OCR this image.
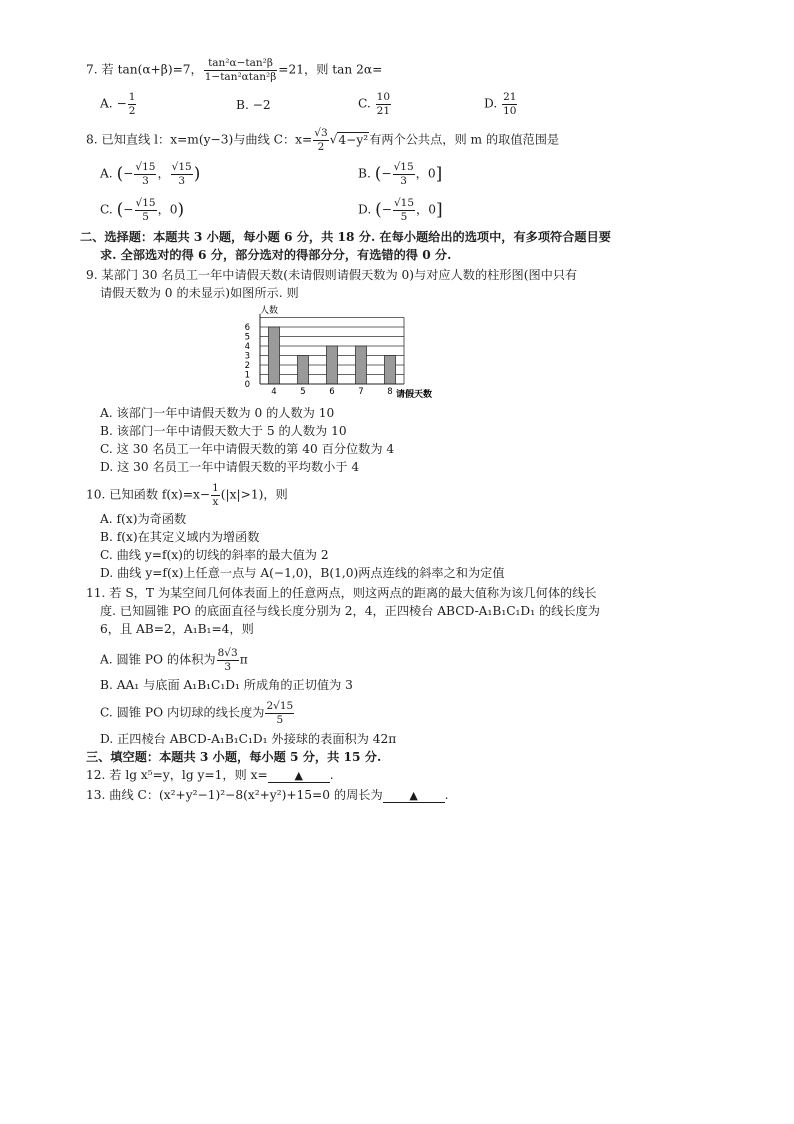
7. 若 tan(α+β)=7， $\frac{\text{tan²α−tan²β}}{\text{1−tan²αtan²β}} =21$，则 tan 2α=
A. − $\frac{1}{2}$	B. −2	C. $\frac{10}{21}$	D. $\frac{21}{10}$
8. 已知直线 l：x=m(y−3)与曲线 C：$x= \frac{√3}{2} √4-y^2$有两个公共点，则 m 的取值范围是
A. (− $\frac{√15}{3}$ ， $\frac{√15}{3}$ )	B. (− $\frac{√15}{3}$ ，0]
C. (− $\frac{√15}{5}$ ，0)	D. (− $\frac{√15}{5}$ ，0]
二、选择题：本题共 3 小题，每小题 6 分，共 18 分. 在每小题给出的选项中，有多项符合题目要
求. 全部选对的得 6 分，部分选对的得部分分，有选错的得 0 分.
9. 某部门 30 名员工一年中请假天数(未请假则请假天数为 0)与对应人数的柱形图(图中只有
请假天数为 0 的未显示)如图所示. 则
人数
0
1
2
3
4
5
6
4	5	6	7	8 请假天数
A. 该部门一年中请假天数为 0 的人数为 10
B. 该部门一年中请假天数大于 5 的人数为 10
C. 这 30 名员工一年中请假天数的第 40 百分位数为 4
D. 这 30 名员工一年中请假天数的平均数小于 4
10. 已知函数 $f(x)=x- \frac{1}{x} (|x|>1)$，则
A. f(x)为奇函数
B. f(x)在其定义域内为增函数
C. 曲线 y=f(x)的切线的斜率的最大值为 2
D. 曲线 y=f(x)上任意一点与 A(−1,0)，B(1,0)两点连线的斜率之和为定值
11. 若 S，T 为某空间几何体表面上的任意两点，则这两点的距离的最大值称为该几何体的线长
度. 已知圆锥 PO 的底面直径与线长度分别为 2，4，正四棱台 ABCD-A₁B₁C₁D₁ 的线长度为
6，且 AB=2，A₁B₁=4，则
A. 圆锥 PO 的体积为 $\frac{8√3}{3}$ π
B. AA₁ 与底面 A₁B₁C₁D₁ 所成角的正切值为 3
C. 圆锥 PO 内切球的线长度为 $\frac{2√15}{5}$
D. 正四棱台 ABCD-A₁B₁C₁D₁ 外接球的表面积为 42π
三、填空题：本题共 3 小题，每小题 5 分，共 15 分.
12. 若 lg x⁵=y，lg y=1，则 x= ▲ .
13. 曲线 C：(x²+y²−1)²−8(x²+y²)+15=0 的周长为 ▲ .
